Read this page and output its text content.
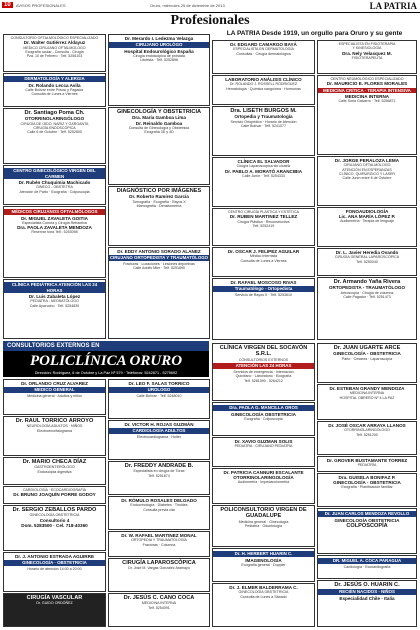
10	AVISOS PROFESIONALES	Oruro, miércoles 25 de diciembre de 2013	LA PATRIA
Profesionales
LA PATRIA Desde 1919, un orgullo para Oruro y su gente
CONSULTORIO OFTALMOLÓGICO ESPECIALIZADO
Dr. Walter Gutiérrez Aldayuz
MEDICO CIRUJANO OFTALMOLOGO
Ecografía ocular - Consulta - Cirugía
Pza. 10 de Febrero · Telf. 5256103
DERMATOLOGÍA Y ALERGIA
Dr. Rolando Lecca Avila
Calle Bolívar entre Potosí y Pagador
Consulta de Lunes a Viernes
Dr. Santiago Poma Ch.
OTORRINOLARINGÓLOGO
CIRUGÍA DE OÍDO, NARIZ Y GARGANTA
CIRUGÍA ENDOSCÓPICA
Calle 6 de Octubre · Telf. 5252800
CENTRO GINECOLÓGICO VIRGEN DEL CARMEN
Dr. Rubén Chuquimia Machicado
GINECO - OBSTETRA
Atención de Parto · Ecografía · Colposcopia
MÉDICOS CIRUJANOS OFTALMÓLOGOS
Dr. MIGUEL ZAVALETA GOITIA
Especialista Cornea y Cirugía Refractiva
Dra. PAOLA ZAVALETA MENDOZA
Reservar hora Telf.: 5253098
CLÍNICA PEDIÁTRICA ATENCIÓN LAS 24 HORAS
Dr. Luis Zabaleta López
PEDIATRA - NEONATÓLOGO
Calle Ayacucho · Telf. 5254830
Dr. Merardo I. Ledezma Velazga
CIRUJANO UROLÓGO
Hospital Endourológico España
Cirugía endoscópica de próstata
Litotricia · Telf. 5252896
GINECOLOGÍA Y OBSTETRICIA
Dra. María Gamboa Lima
Dr. Reinaldo Gamboa
Consulta de Ginecología y Obstetricia
Ecografía 3D y 4D
DIAGNÓSTICO POR IMÁGENES
Dr. Roberto Ramírez García
Tomografía · Ecografía · Rayos X
Mamografía · Densitometría
Dr. EDDY ANTONIO SORADO ALANEZ
CIRUJANO ORTOPEDISTA Y TRAUMATÓLOGO
Fracturas · Luxaciones · Lesiones deportivas
Calle Adolfo Mier · Telf. 5251690
Dr. EDGARD CAMARGO BAYÁ
ESPECIALISTA EN DERMATOLOGÍA
Consultas · Cirugía dermatológica
ESPECIALISTA EN FISIOTERAPIA
Y KINESIOLOGÍA
Dra. Nely Velasquez M.
FISIOTERAPEUTA
LABORATORIO ANÁLISIS CLÍNICO
Dr. ROLANDO J. ROSSELL RODRIGUEZ
Hematología · Química sanguínea · Hormonas
Dra. LISETH BURGOS M.
Ortopedia y Traumatología
Servicio Ortopédico · Horario de Atención
Calle Bolívar · Telf. 5241077
CLÍNICA EL SALVADOR
Cirugía Laparoscópica sin cicatriz
Dr. PABLO A. MORATÓ ARANCIBIA
Calle Junín · Telf. 5254333
CENTRO CIRUGÍA PLÁSTICA Y ESTÉTICA
Dr. RUBEN MARTINEZ TELLEZ
Cirugía Plástica · Reconstructiva
Telf. 5252419
Dr. OSCAR J. FELIPEZ AGUILAR
Médico Internista
Consulta de Lunes a Viernes
Dr. RAFAEL MOSCOSO RIVAS
Traumatólogo - Ortopedista
Servicio de Rayos X · Telf. 5253610
CENTRO NEUMOLÓGICO ESPECIALIZADO
Dr. MAURICIO E. FLORES MORALES
MEDICINA CRÍTICA · TERAPIA INTENSIVA
MEDICINA INTERNA
Calle Soria Galvarro · Telf. 5256871
Dr. JORGE PERALOZA LEMA
CIRUJANO OFTALMÓLOGO
ATENCIÓN EN ESPERANZAS
CLÍNICO, QUIRÚRGICO Y LASER
Calle Junín entre 6 de Octubre
FONOAUDIOLOGÍA
Lic. ANA MARÍA LÓPEZ P.
Audiometría · Terapia de lenguaje
Dr. L. Javier Heredia Ovando
CIRUGÍA GENERAL LAPAROSCÓPICA
Telf. 5250040
Dr. Armando Yaña Rivera
ORTOPEDISTA - TRAUMATÓLOGO
Artroscopía · Cirugía de columna
Calle Pagador · Telf. 5251473
CONSULTORIOS EXTERNOS EN
POLICLÍNICA ORURO
Dirección: Rodríguez, 6 de Octubre y La Paz Nº 579 · Teléfonos: 5242871 - 5275692
Dr. ORLANDO CRUZ ALVAREZ
MEDICO GENERAL
Medicina general · Adultos y niños
Dr. RAUL TORRICO ARROYO
NEUROLOGÍA ADULTOS · NIÑOS
Electroencefalograma
Dr. MARIO CHECA DÍAZ
GASTROENTERÓLOGO
Endoscopia digestiva
CARDIOLOGÍA · ECOCARDIOGRAFÍA
Dr. BRUNO JOAQUÍN PORRE GODOY
Dr. SERGIO ZEBALLOS PARDO
GINECOLOGÍA OBSTETRICIA
Consultorio 4
Dom. 5283500 · Cel. 718-40360
Dr. J. ANTONIO ESTRADA AGUIRRE
GINECOLOGÍA · OBSTETRICIA
Horario de atención 14:00 a 20:00
CIRUGÍA VASCULAR
Dr. GUIDO ORDÓÑEZ
Dr. LEO F. SALAS TORRICO
UROLOGO
Calle Bolívar · Telf. 5248010
Dr. VICTOR H. ROJAS GUZMÁN
CARDIOLOGÍA ADULTOS
Electrocardiograma · Holter
Dr. FREDDY ANDRADE B.
Especialista en cirugía de Tórax
Telf. 5251874
Dr. RÓMULO ROSALES DELGADO
Endocrinología · Diabetes · Tiroides
Consulta previa cita
Dr. W. RAFAEL MARTINEZ MONAL
ORTOPEDIA Y TRAUMATOLOGÍA
Fracturas · Columna
CIRUGÍA LAPAROSCÓPICA
Dr. José M. Vargas González Aramayo
Dr. JESÚS C. CANO COCA
MEDICINA INTERNA
Telf. 5254091
CLÍNICA VIRGEN DEL SOCAVÓN S.R.L.
CONSULTORIOS EXTERNOS
ATENCIÓN LAS 24 HORAS
Servicios de emergencia · Internación
Quirófano · Laboratorio · Ecografía
Telf. 5281590 - 5264212
Dra. PAOLA G. MANCILLA OROS
GINECOLOGÍA OBSTETRICIA
Ecografía · Colposcopia
Dr. XAVIO GUZMAN SOLIS
PEDIATRA · CIRUJANO PEDIATRA
Dr. PATRICIA CANNURI ESCALANTE
OTORRINOLARINGOLOGÍA
Audiometría · Impedanciometría
POLICONSULTORIO VIRGEN DE GUADALUPE
Medicina general · Ginecología
Pediatría · Odontología
Dr. H. HERBERT HUARIN C.
IMAGENOLOGÍA
Ecografía general · Doppler
Dr. J. ELMER BALDERRAMA C.
GINECOLOGÍA OBSTETRICIA
Consulta de Lunes a Sábado
Dr. JUAN UGARTE ARCE
GINECOLOGÍA - OBSTETRICIA
Parto · Cesárea · Laparoscopía
Dr. ESTEBAN GRANDY MENDOZA
MEDICINA INTERNA
HOSPITAL OBRERO Nº 4 LA PAZ
Dr. JOSÉ OSCAR ARRAYA LLANOS
OTORRINOLARINGÓLOGO
Telf. 5251200
Dr. GROVER BUSTAMANTE TORREZ
PEDIATRÍA
Dra. GUISELA BONIFAZ P.
GINECOLOGÍA - OBSTETRICIA
Ecografía · Planificación familiar
Dr. JUAN CARLOS MENDOZA REVOLLO
GINECOLOGÍA OBSTETRICIA
COLPOSCOPÍA
DR. MIGUEL A. COCA PARAGUA
Cardiología · Ecocardiografía
Dr. JESÚS O. HUARIN C.
RECIÉN NACIDOS - NIÑOS
Especialidad Chile - Italia
